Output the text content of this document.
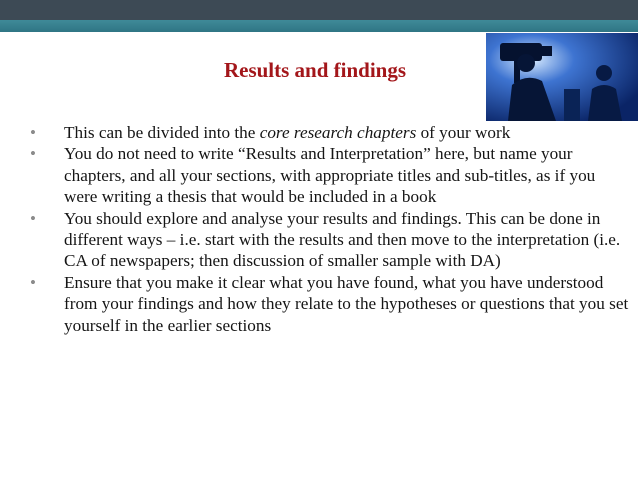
Results and findings
• This can be divided into the core research chapters of your work
• You do not need to write “Results and Interpretation” here, but name your chapters, and all your sections, with appropriate titles and sub-titles, as if you were writing a thesis that would be included in a book
• You should explore and analyse your results and findings. This can be done in different ways – i.e. start with the results and then move to the interpretation (i.e. CA of newspapers; then discussion of smaller sample with DA)
• Ensure that you make it clear what you have found, what you have understood from your findings and how they relate to the hypotheses or questions that you set yourself in the earlier sections
